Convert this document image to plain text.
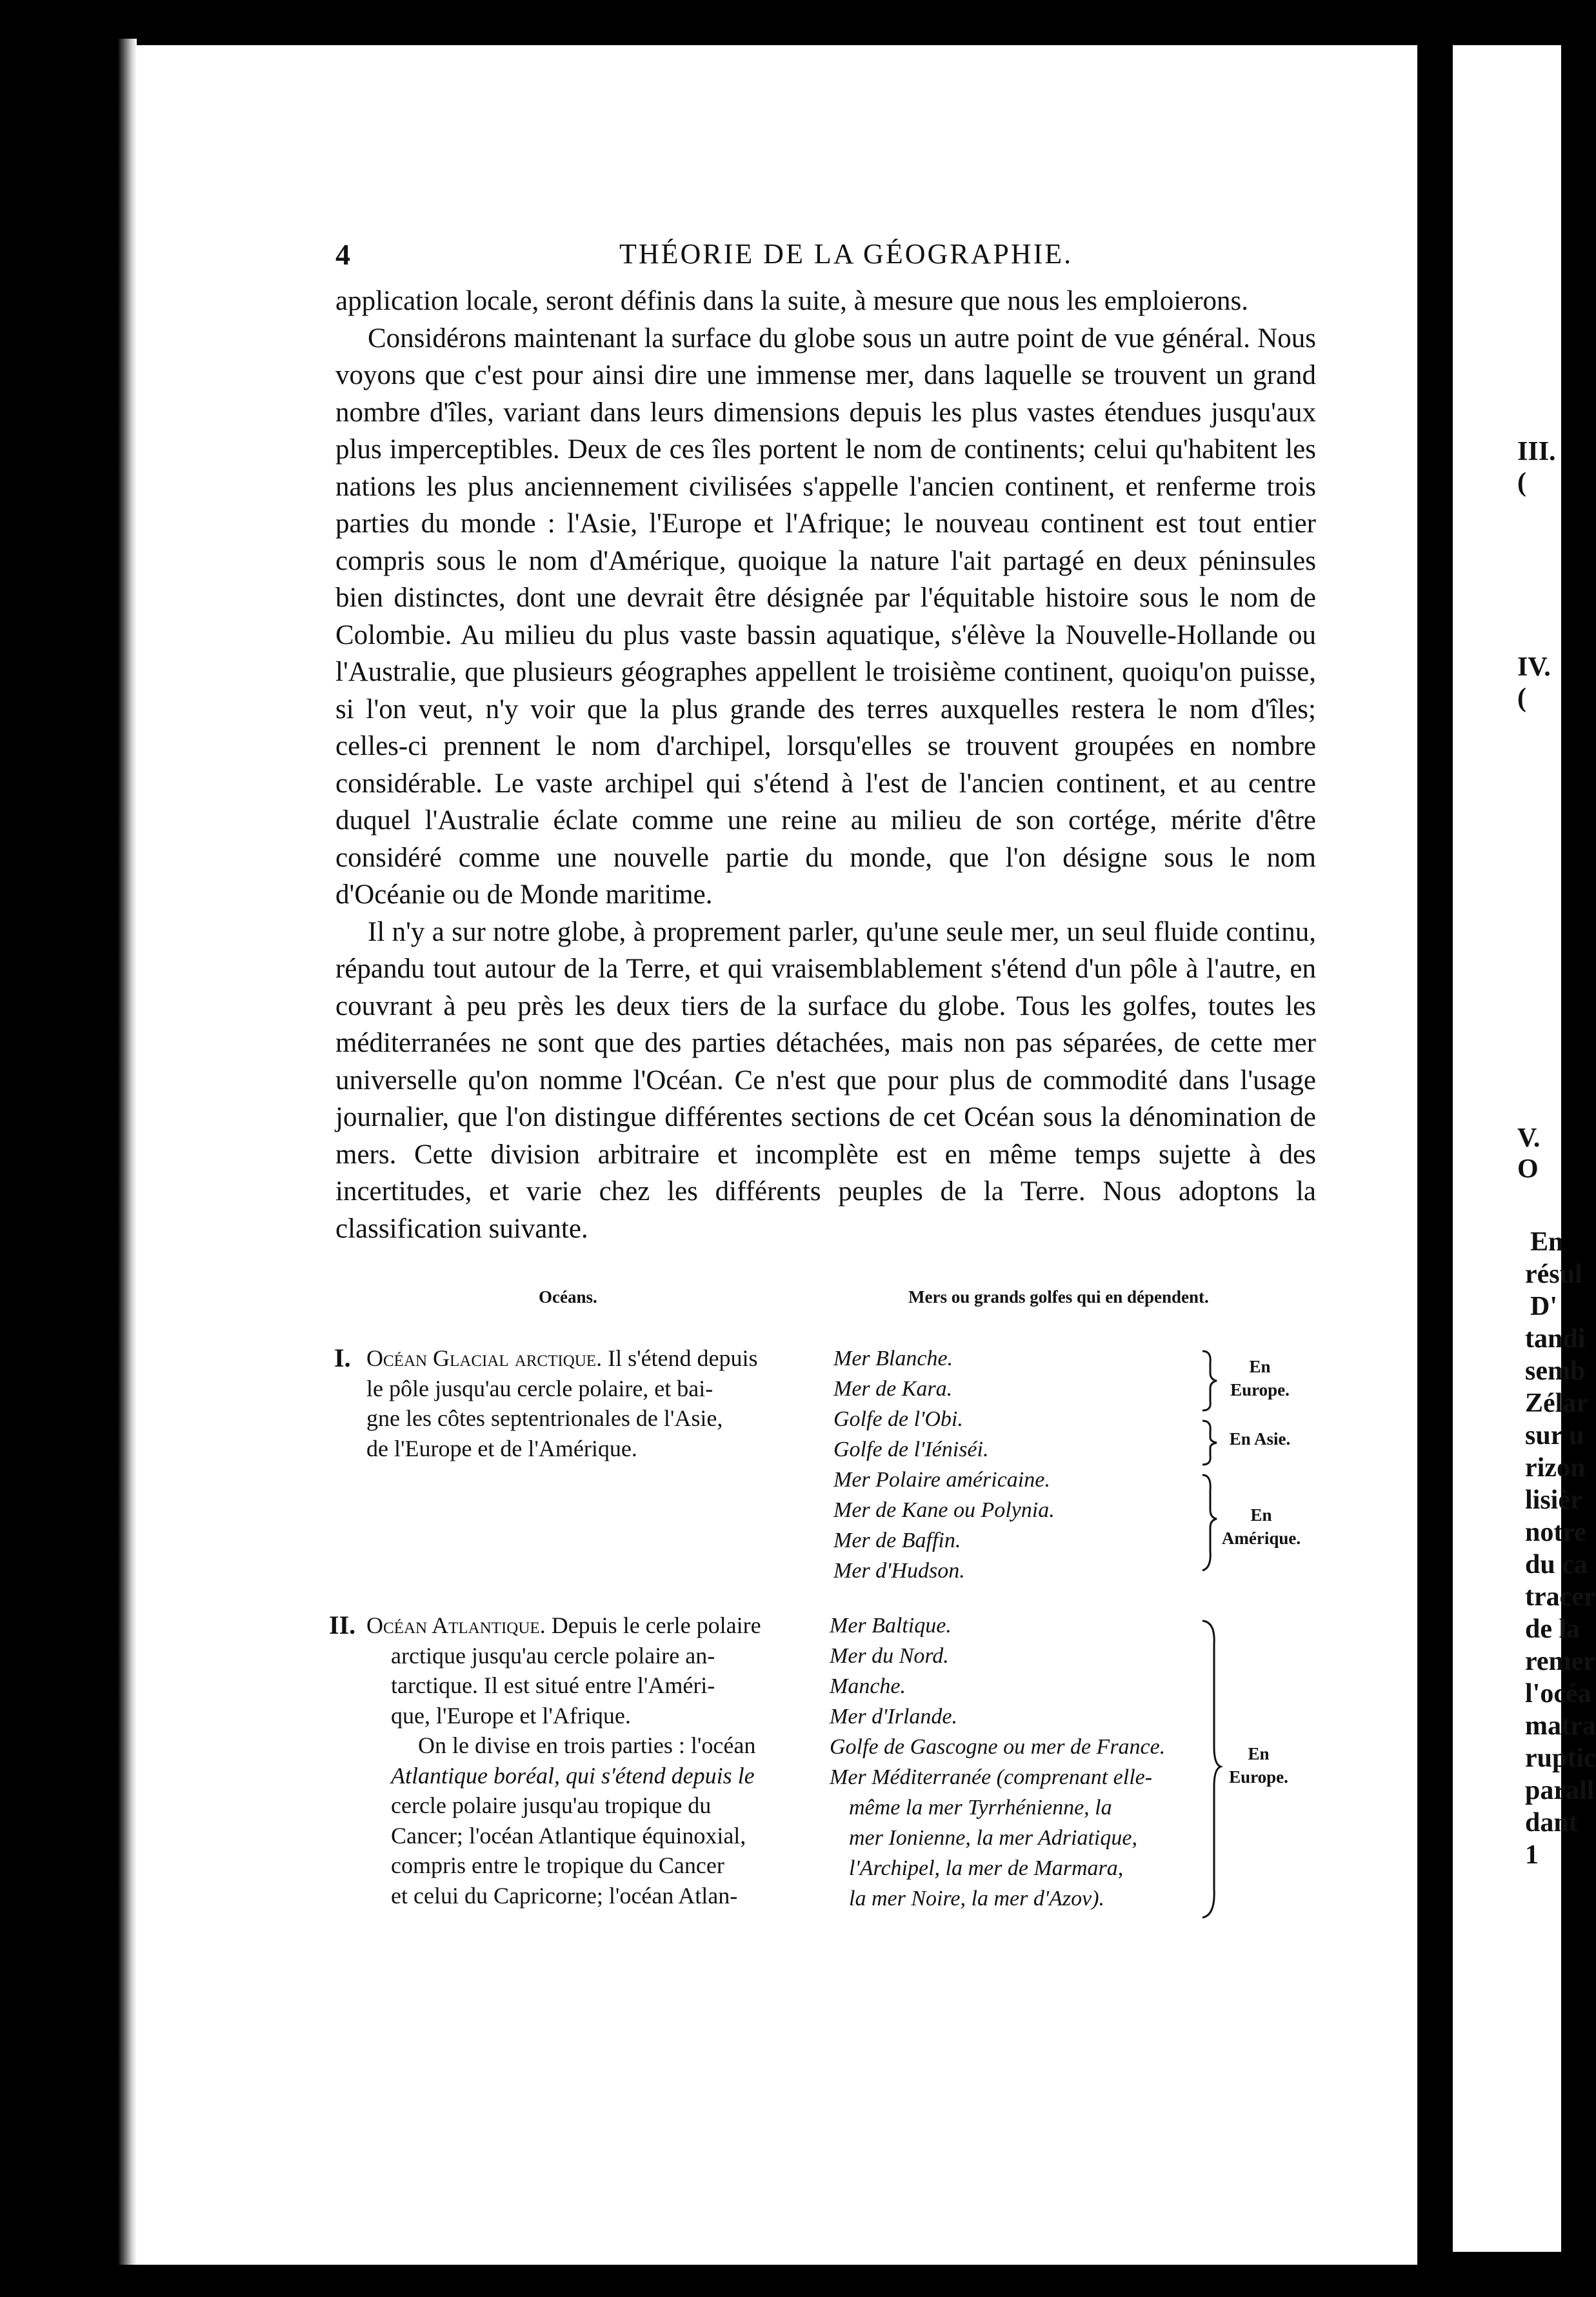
4	THÉORIE DE LA GÉOGRAPHIE.

application locale, seront définis dans la suite, à mesure que nous les emploierons.

Considérons maintenant la surface du globe sous un autre point de vue général. Nous voyons que c'est pour ainsi dire une immense mer, dans laquelle se trouvent un grand nombre d'îles, variant dans leurs dimensions depuis les plus vastes étendues jusqu'aux plus imperceptibles. Deux de ces îles portent le nom de continents; celui qu'habitent les nations les plus anciennement civilisées s'appelle l'ancien continent, et renferme trois parties du monde : l'Asie, l'Europe et l'Afrique; le nouveau continent est tout entier compris sous le nom d'Amérique, quoique la nature l'ait partagé en deux péninsules bien distinctes, dont une devrait être désignée par l'équitable histoire sous le nom de Colombie. Au milieu du plus vaste bassin aquatique, s'élève la Nouvelle-Hollande ou l'Australie, que plusieurs géographes appellent le troisième continent, quoiqu'on puisse, si l'on veut, n'y voir que la plus grande des terres auxquelles restera le nom d'îles; celles-ci prennent le nom d'archipel, lorsqu'elles se trouvent groupées en nombre considérable. Le vaste archipel qui s'étend à l'est de l'ancien continent, et au centre duquel l'Australie éclate comme une reine au milieu de son cortége, mérite d'être considéré comme une nouvelle partie du monde, que l'on désigne sous le nom d'Océanie ou de Monde maritime.

Il n'y a sur notre globe, à proprement parler, qu'une seule mer, un seul fluide continu, répandu tout autour de la Terre, et qui vraisemblablement s'étend d'un pôle à l'autre, en couvrant à peu près les deux tiers de la surface du globe. Tous les golfes, toutes les méditerranées ne sont que des parties détachées, mais non pas séparées, de cette mer universelle qu'on nomme l'Océan. Ce n'est que pour plus de commodité dans l'usage journalier, que l'on distingue différentes sections de cet Océan sous la dénomination de mers. Cette division arbitraire et incomplète est en même temps sujette à des incertitudes, et varie chez les différents peuples de la Terre. Nous adoptons la classification suivante.

Océans.	Mers ou grands golfes qui en dépendent.
I. Océan Glacial arctique. Il s'étend depuis
le pôle jusqu'au cercle polaire, et bai-
gne les côtes septentrionales de l'Asie,
de l'Europe et de l'Amérique.
Mer Blanche.
Mer de Kara.
Golfe de l'Obi.
Golfe de l'Iéniséi.
Mer Polaire américaine.
Mer de Kane ou Polynia.
Mer de Baffin.
Mer d'Hudson.
En Europe.
En Asie.
En Amérique.
II. Océan Atlantique. Depuis le cerle polaire
arctique jusqu'au cercle polaire an-
tarctique. Il est situé entre l'Améri-
que, l'Europe et l'Afrique.
On le divise en trois parties : l'océan
Atlantique boréal, qui s'étend depuis le
cercle polaire jusqu'au tropique du
Cancer; l'océan Atlantique équinoxial,
compris entre le tropique du Cancer
et celui du Capricorne; l'océan Atlan-
Mer Baltique.
Mer du Nord.
Manche.
Mer d'Irlande.
Golfe de Gascogne ou mer de France.
Mer Méditerranée (comprenant elle-
même la mer Tyrrhénienne, la
mer Ionienne, la mer Adriatique,
l'Archipel, la mer de Marmara,
la mer Noire, la mer d'Azov).
En Europe.
III. (
IV. (
V. O
En
résul
D'
tandi
semb
Zélar
sur u
rizon
lisièr
notre
du ca
tracer
de la
remer
l'océa
matra
ruptic
parall
dant 1
